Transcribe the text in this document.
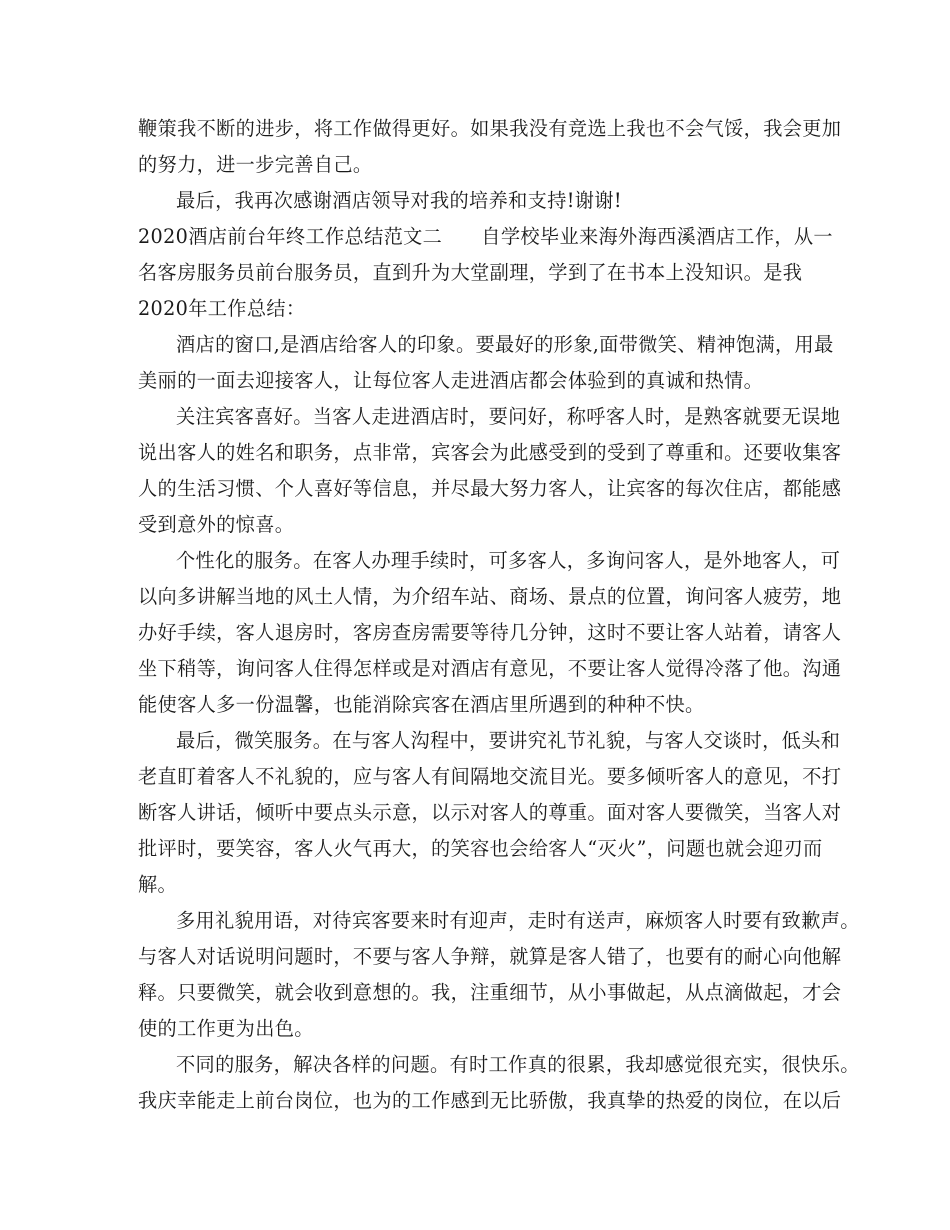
鞭策我不断的进步，将工作做得更好。如果我没有竞选上我也不会气馁，我会更加
的努力，进一步完善自己。
最后，我再次感谢酒店领导对我的培养和支持!谢谢!
2020酒店前台年终工作总结范文二　　自学校毕业来海外海西溪酒店工作，从一
名客房服务员前台服务员，直到升为大堂副理，学到了在书本上没知识。是我
2020年工作总结：
酒店的窗口,是酒店给客人的印象。要最好的形象,面带微笑、精神饱满，用最
美丽的一面去迎接客人，让每位客人走进酒店都会体验到的真诚和热情。
关注宾客喜好。当客人走进酒店时，要问好，称呼客人时，是熟客就要无误地
说出客人的姓名和职务，点非常，宾客会为此感受到的受到了尊重和。还要收集客
人的生活习惯、个人喜好等信息，并尽最大努力客人，让宾客的每次住店，都能感
受到意外的惊喜。
个性化的服务。在客人办理手续时，可多客人，多询问客人，是外地客人，可
以向多讲解当地的风土人情，为介绍车站、商场、景点的位置，询问客人疲劳，地
办好手续，客人退房时，客房查房需要等待几分钟，这时不要让客人站着，请客人
坐下稍等，询问客人住得怎样或是对酒店有意见，不要让客人觉得冷落了他。沟通
能使客人多一份温馨，也能消除宾客在酒店里所遇到的种种不快。
最后，微笑服务。在与客人沟程中，要讲究礼节礼貌，与客人交谈时，低头和
老直盯着客人不礼貌的，应与客人有间隔地交流目光。要多倾听客人的意见，不打
断客人讲话，倾听中要点头示意，以示对客人的尊重。面对客人要微笑，当客人对
批评时，要笑容，客人火气再大，的笑容也会给客人“灭火”，问题也就会迎刃而
解。
多用礼貌用语，对待宾客要来时有迎声，走时有送声，麻烦客人时要有致歉声。
与客人对话说明问题时，不要与客人争辩，就算是客人错了，也要有的耐心向他解
释。只要微笑，就会收到意想的。我，注重细节，从小事做起，从点滴做起，才会
使的工作更为出色。
不同的服务，解决各样的问题。有时工作真的很累，我却感觉很充实，很快乐。
我庆幸能走上前台岗位，也为的工作感到无比骄傲，我真挚的热爱的岗位，在以后
